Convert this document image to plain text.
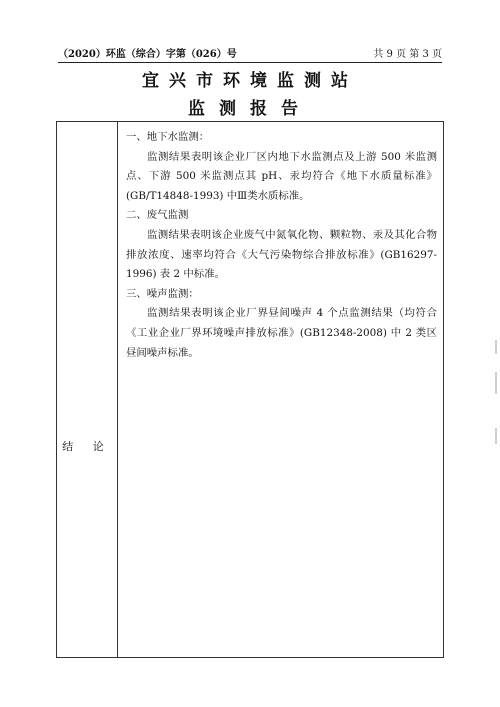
（2020）环监（综合）字第（026）号	共 9 页 第 3 页
宜兴市环境监测站
监测报告
结 论	

一、地下水监测：

监测结果表明该企业厂区内地下水监测点及上游 500 米监测点、下游 500 米监测点其 pH、汞均符合《地下水质量标准》(GB/T14848-1993) 中Ⅲ类水质标准。

二、废气监测

监测结果表明该企业废气中氮氧化物、颗粒物、汞及其化合物排放浓度、速率均符合《大气污染物综合排放标准》(GB16297-1996) 表 2 中标准。

三、噪声监测：

监测结果表明该企业厂界昼间噪声 4 个点监测结果（均符合《工业企业厂界环境噪声排放标准》(GB12348-2008) 中 2 类区昼间噪声标准。
